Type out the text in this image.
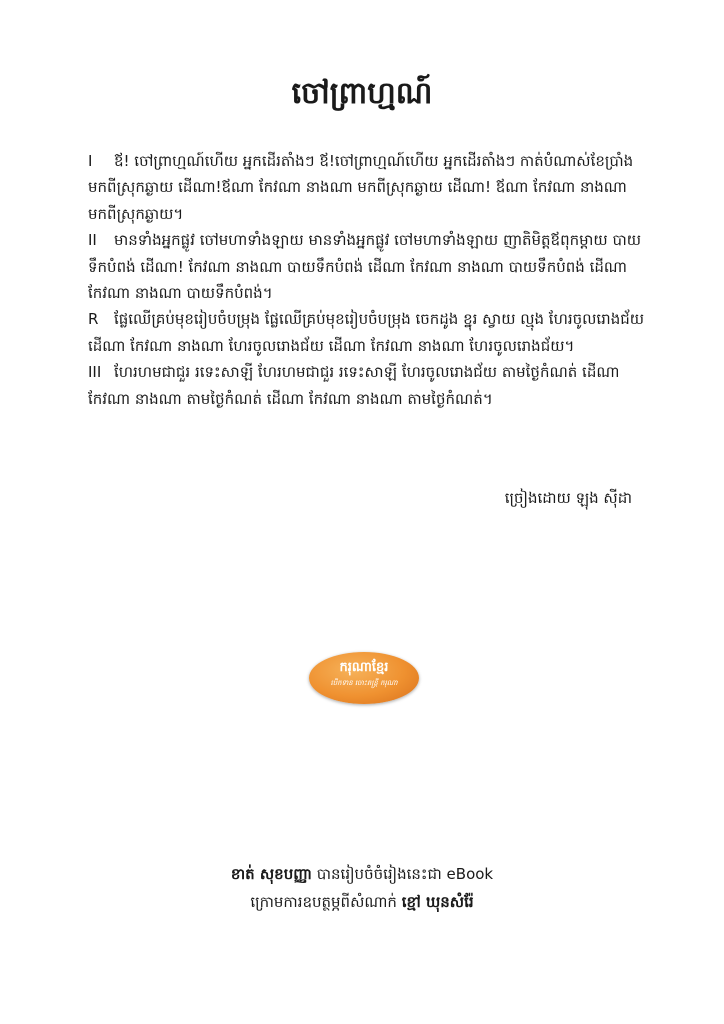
ចៅព្រាហ្មណ៍

I ឪ! ចៅព្រាហ្មណ៍ហើយ អ្នកដើរតាំងៗ ឪ!ចៅព្រាហ្មណ៍ហើយ អ្នកដើរតាំងៗ កាត់បំណាស់ខែប្រាំង មកពីស្រុកឆ្ងាយ ដើណា!ឪណា កែវណា នាងណា មកពីស្រុកឆ្ងាយ ដើណា! ឪណា កែវណា នាងណា មកពីស្រុកឆ្ងាយ។

II មានទាំងអ្នកផ្លូវ ចៅមហាទាំងឡាយ មានទាំងអ្នកផ្លូវ ចៅមហាទាំងឡាយ ញាតិមិត្តឪពុកម្ដាយ បាយទឹកបំពង់ ដើណា! កែវណា នាងណា បាយទឹកបំពង់ ដើណា កែវណា នាងណា បាយទឹកបំពង់ ដើណា កែវណា នាងណា បាយទឹកបំពង់។

R ផ្លែឈើគ្រប់មុខរៀបចំបម្រុង ផ្លែឈើគ្រប់មុខរៀបចំបម្រុង ចេកដូង ខ្នុរ ស្វាយ ល្មុង ហែរចូលរោងជ័យ ដើណា កែវណា នាងណា ហែរចូលរោងជ័យ ដើណា កែវណា នាងណា ហែរចូលរោងជ័យ។

III ហែរហមជាជួរ រទេះសាឡី ហែរហមជាជួរ រទេះសាឡី ហែរចូលរោងជ័យ តាមថ្ងៃកំណត់ ដើណា កែវណា នាងណា តាមថ្ងៃកំណត់ ដើណា កែវណា នាងណា តាមថ្ងៃកំណត់។

ច្រៀងដោយ ឡុង ស៊ីដា
ករុណាខ្មែរ
បើកទាន ចោះតន្ត្រី ករុណា

ខាត់ សុខបញ្ញា បានរៀបចំចំរៀងនេះជា eBook

ក្រោមការឧបត្ថម្ភពីសំណាក់ ខ្មៅ ឃុនសំរ៉ែ
